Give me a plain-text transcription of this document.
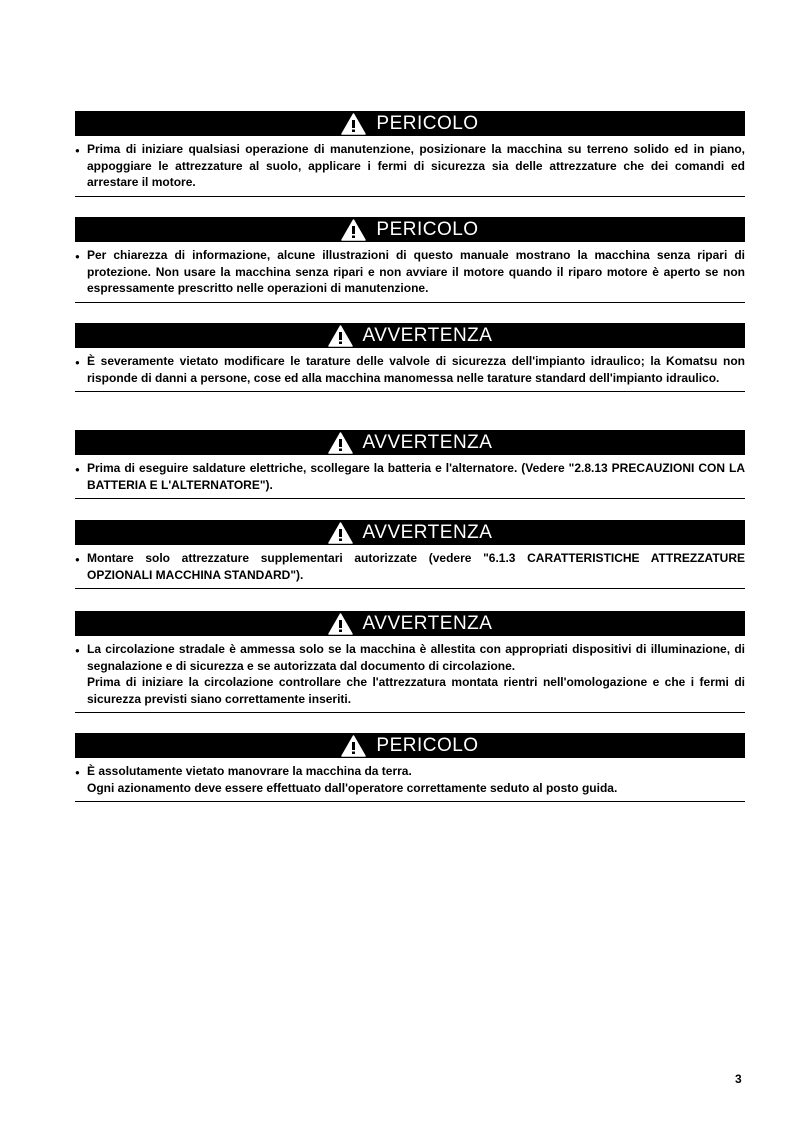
PERICOLO
● Prima di iniziare qualsiasi operazione di manutenzione, posizionare la macchina su terreno solido ed in piano, appoggiare le attrezzature al suolo, applicare i fermi di sicurezza sia delle attrezzature che dei comandi ed arrestare il motore.
PERICOLO
● Per chiarezza di informazione, alcune illustrazioni di questo manuale mostrano la macchina senza ripari di protezione. Non usare la macchina senza ripari e non avviare il motore quando il riparo motore è aperto se non espressamente prescritto nelle operazioni di manutenzione.
AVVERTENZA
● È severamente vietato modificare le tarature delle valvole di sicurezza dell'impianto idraulico; la Komatsu non risponde di danni a persone, cose ed alla macchina manomessa nelle tarature standard dell'impianto idraulico.
AVVERTENZA
● Prima di eseguire saldature elettriche, scollegare la batteria e l'alternatore. (Vedere "2.8.13 PRECAUZIONI CON LA BATTERIA E L'ALTERNATORE").
AVVERTENZA
● Montare solo attrezzature supplementari autorizzate (vedere "6.1.3 CARATTERISTICHE ATTREZZATURE OPZIONALI MACCHINA STANDARD").
AVVERTENZA
● La circolazione stradale è ammessa solo se la macchina è allestita con appropriati dispositivi di illuminazione, di segnalazione e di sicurezza e se autorizzata dal documento di circolazione.
Prima di iniziare la circolazione controllare che l'attrezzatura montata rientri nell'omologazione e che i fermi di sicurezza previsti siano correttamente inseriti.
PERICOLO
● È assolutamente vietato manovrare la macchina da terra.
Ogni azionamento deve essere effettuato dall'operatore correttamente seduto al posto guida.
3
